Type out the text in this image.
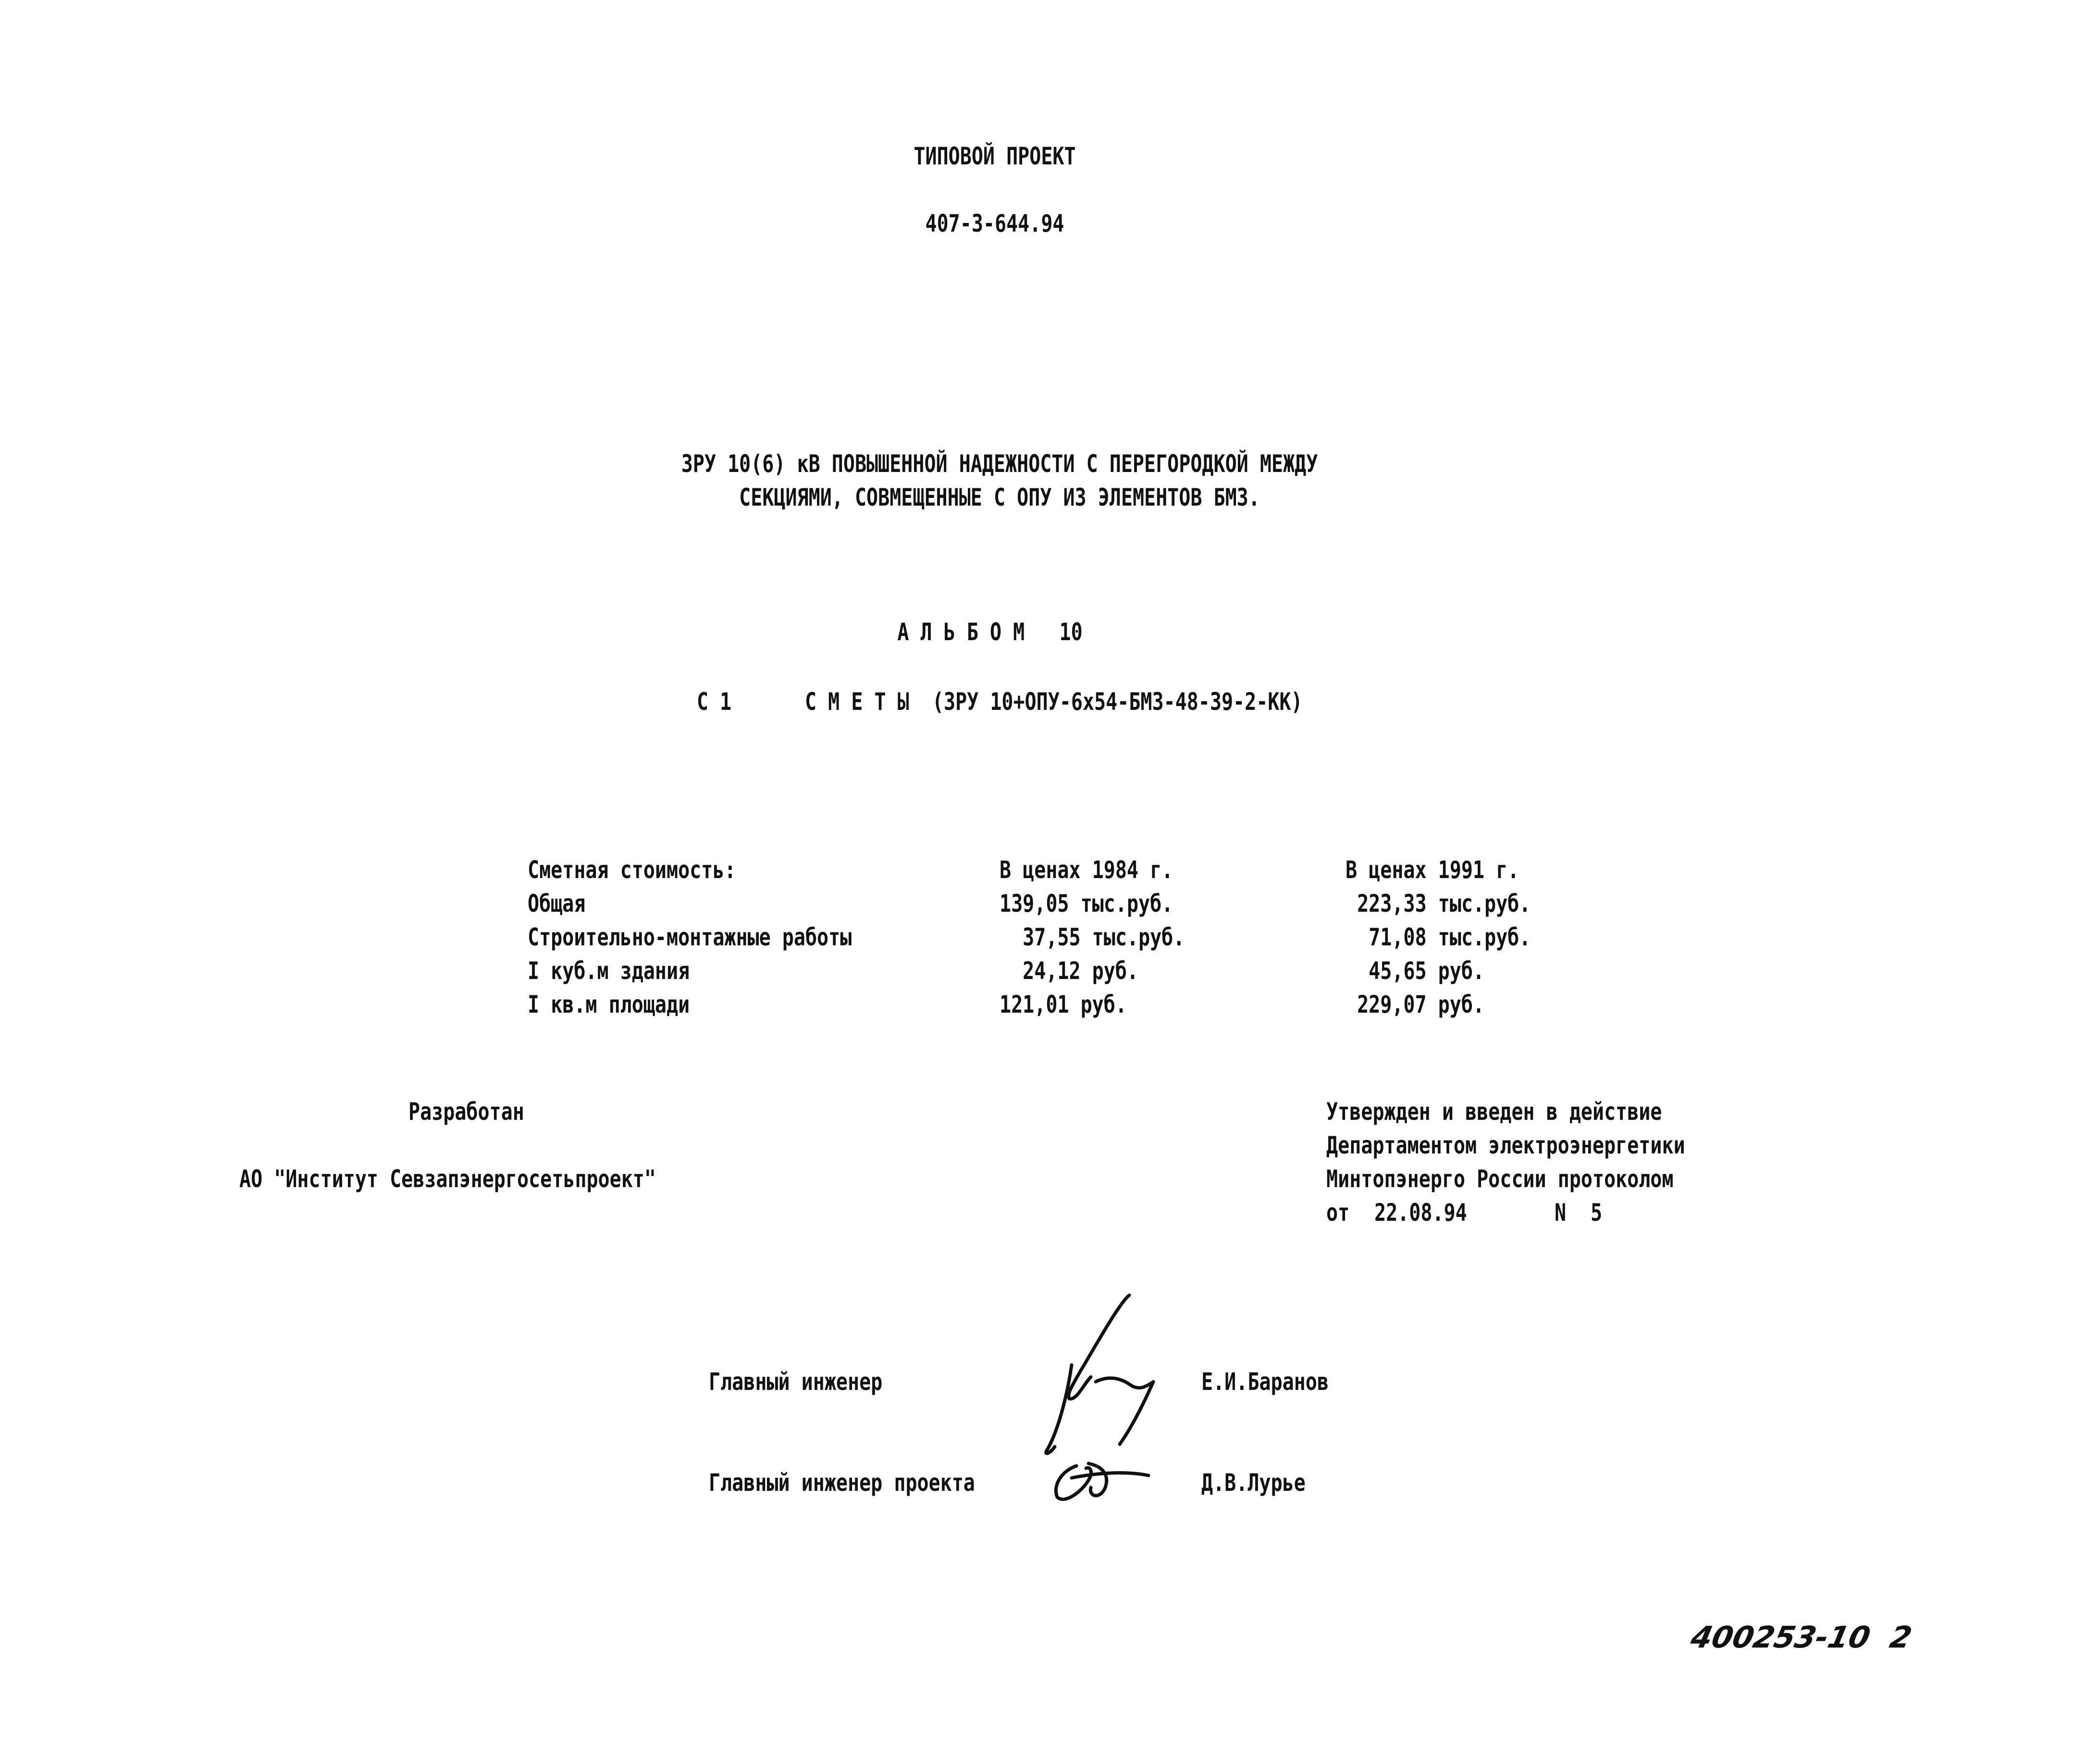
ТИПОВОЙ ПРОЕКТ
407-3-644.94
ЗРУ 10(6) кВ ПОВЫШЕННОЙ НАДЕЖНОСТИ С ПЕРЕГОРОДКОЙ МЕЖДУ
СЕКЦИЯМИ, СОВМЕЩЕННЫЕ С ОПУ ИЗ ЭЛЕМЕНТОВ БМЗ.
А Л Ь Б О М   10
С 1	С М Е Т Ы  (ЗРУ 10+ОПУ-6х54-БМЗ-48-39-2-КК)
Сметная стоимость:	В ценах 1984 г.	В ценах 1991 г.
Общая	139,05 тыс.руб.	223,33 тыс.руб.
Строительно-монтажные работы	37,55 тыс.руб.	71,08 тыс.руб.
I куб.м здания	24,12 руб.	45,65 руб.
I кв.м площади	121,01 руб.	229,07 руб.
Разработан
АО "Институт Севзапэнергосетьпроект"
Утвержден и введен в действие
Департаментом электроэнергетики
Минтопэнерго России протоколом
от 22.08.94	N 5
Главный инженер	Е.И.Баранов
Главный инженер проекта	Д.В.Лурье
400253-10  2
